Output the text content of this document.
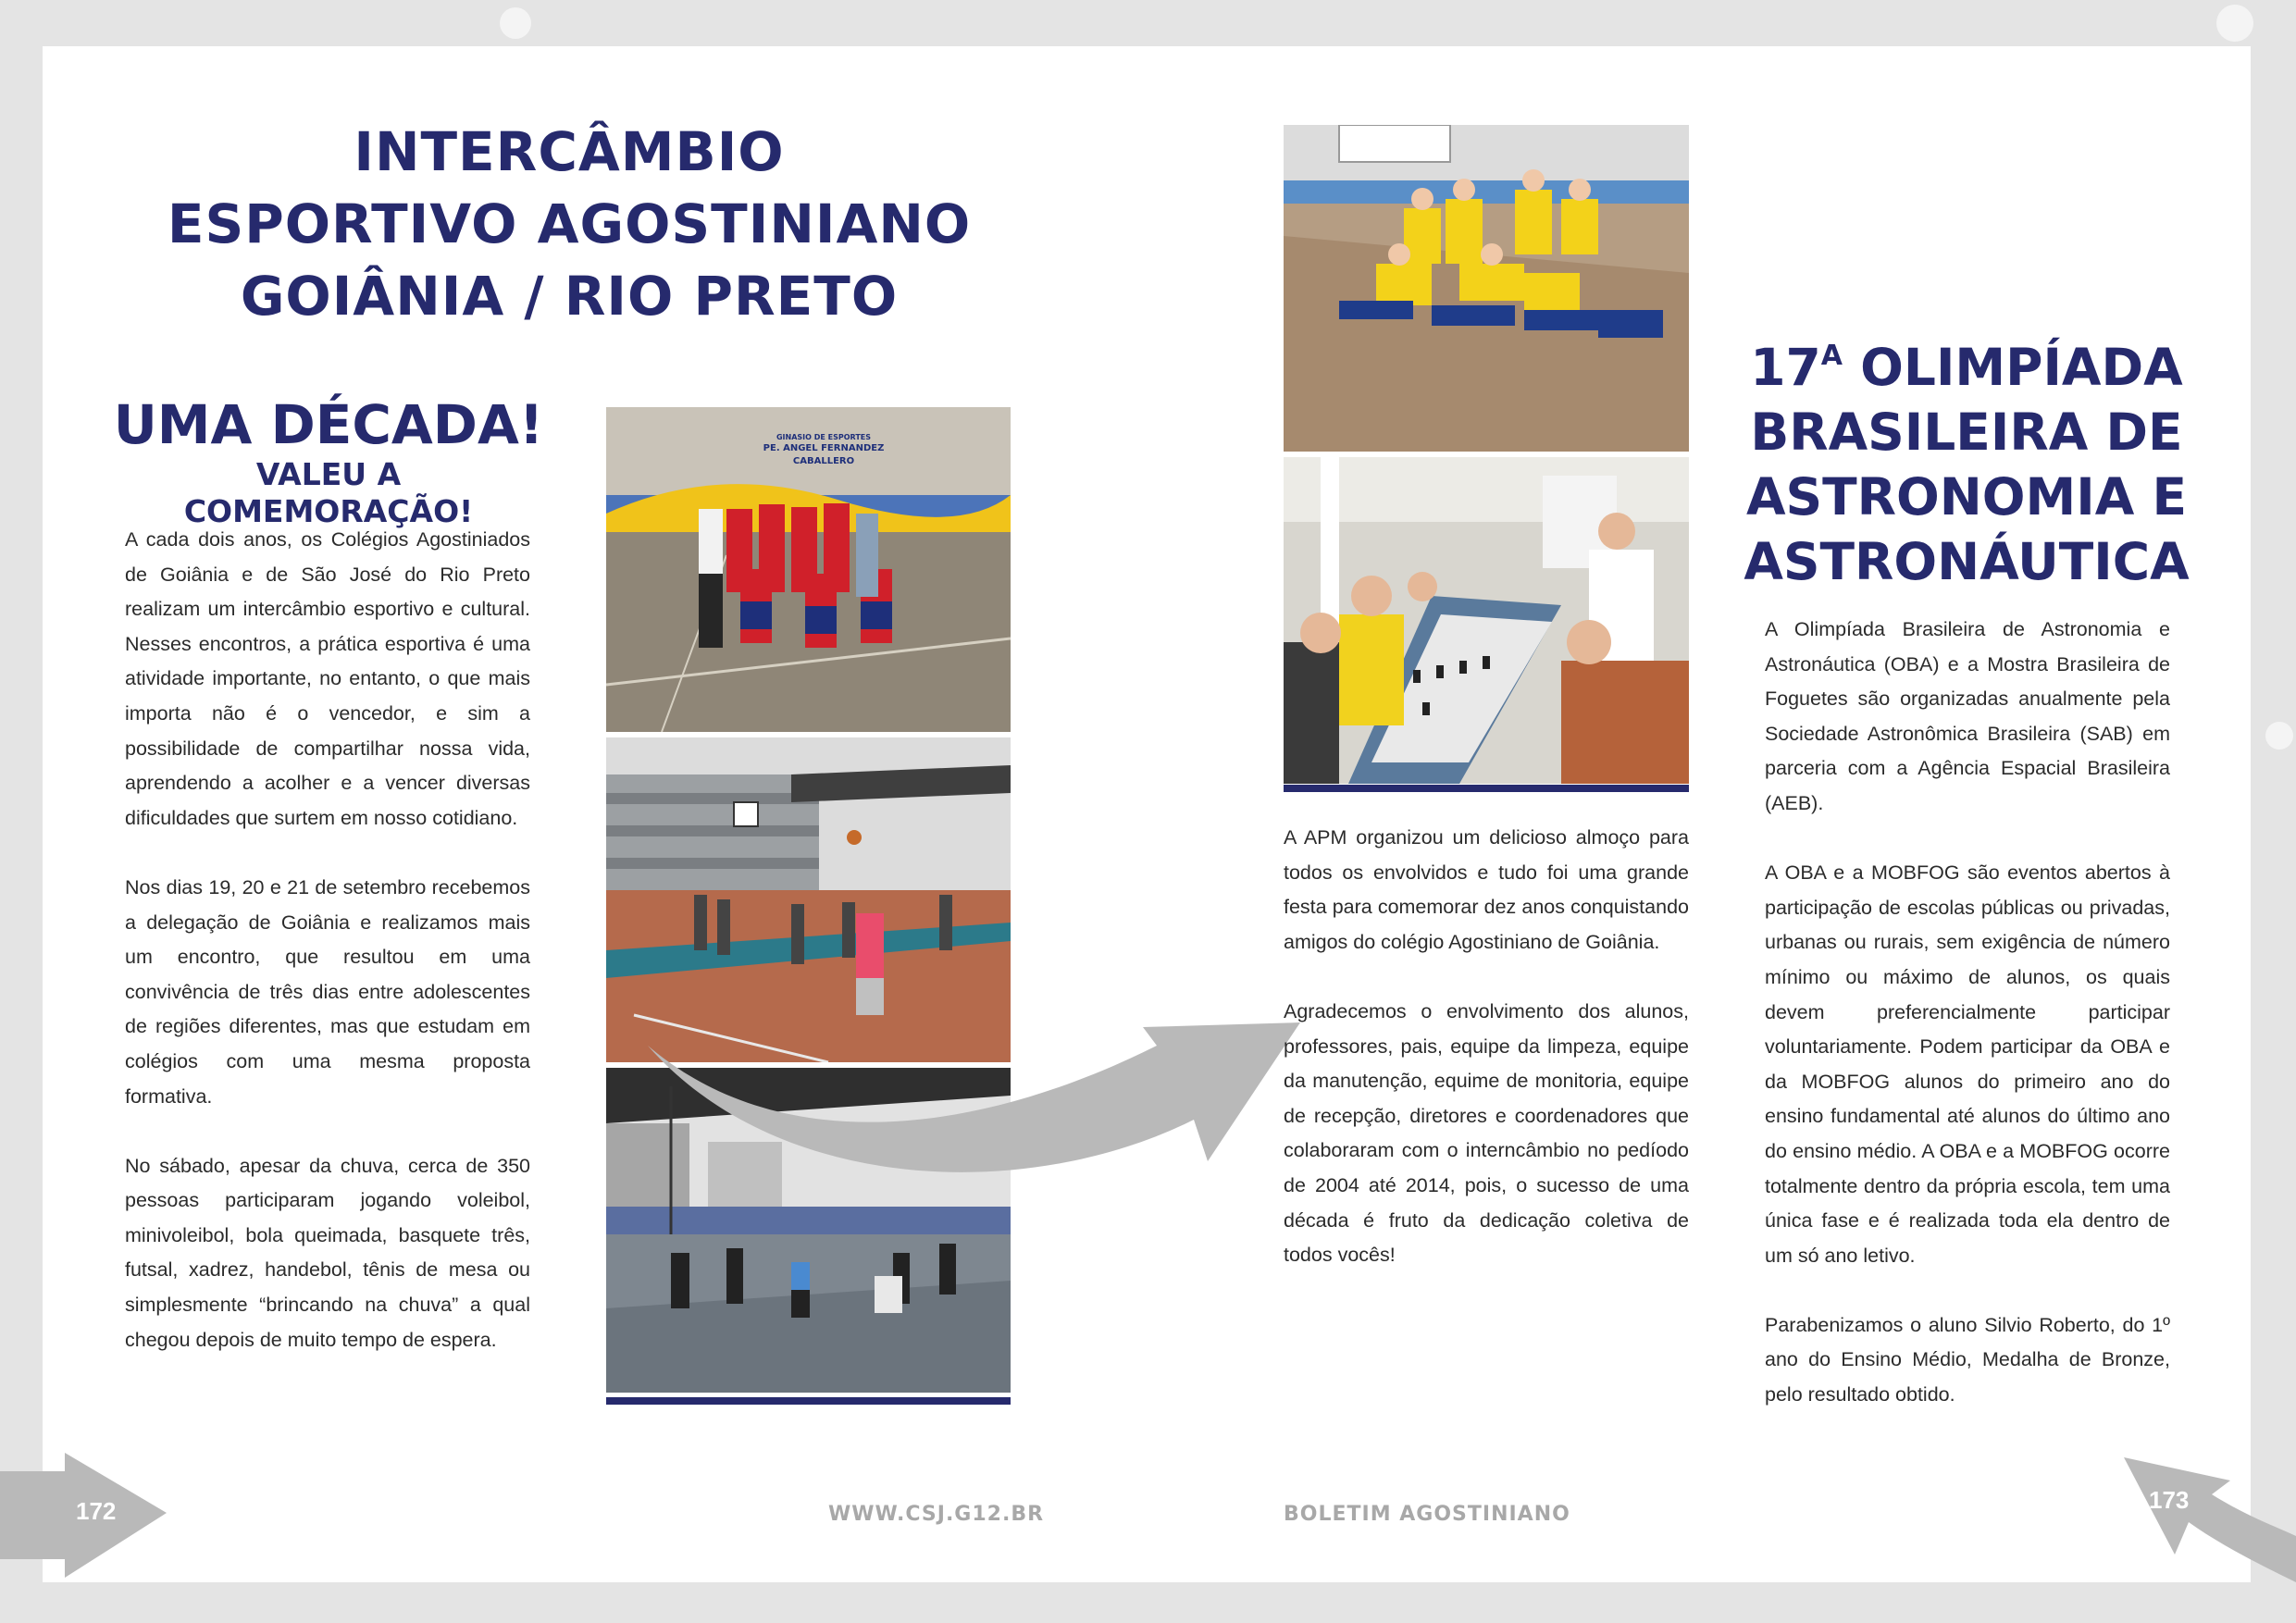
INTERCÂMBIO
ESPORTIVO AGOSTINIANO
GOIÂNIA / RIO PRETO
UMA DÉCADA!
VALEU A COMEMORAÇÃO!

A cada dois anos, os Colégios Agostiniados de Goiânia e de São José do Rio Preto realizam um intercâmbio esportivo e cultural. Nesses encontros, a prática esportiva é uma atividade importante, no entanto, o que mais importa não é o vencedor, e sim a possibilidade de compartilhar nossa vida, aprendendo a acolher e a vencer diversas dificuldades que surtem em nosso cotidiano.

Nos dias 19, 20 e 21 de setembro recebemos a delegação de Goiânia e realizamos mais um encontro, que resultou em uma convivência de três dias entre adolescentes de regiões diferentes, mas que estudam em colégios com uma mesma proposta formativa.

No sábado, apesar da chuva, cerca de 350 pessoas participaram jogando voleibol, minivoleibol, bola queimada, basquete três, futsal, xadrez, handebol, tênis de mesa ou simplesmente “brincando na chuva” a qual chegou depois de muito tempo de espera.

GINASIO DE ESPORTES
PE. ANGEL FERNANDEZ CABALLERO

A APM organizou um delicioso almoço para todos os envolvidos e tudo foi uma grande festa para comemorar dez anos conquistando amigos do colégio Agostiniano de Goiânia.

Agradecemos o envolvimento dos alunos, professores, pais, equipe da limpeza, equipe da manutenção, equime de monitoria, equipe de recepção, diretores e coordenadores que colaboraram com o interncâmbio no pedíodo de 2004 até 2014, pois, o sucesso de uma década é fruto da dedicação coletiva de todos vocês!

$17^A$ OLIMPÍADA
BRASILEIRA DE
ASTRONOMIA E
ASTRONÁUTICA

A Olimpíada Brasileira de Astronomia e Astronáutica (OBA) e a Mostra Brasileira de Foguetes são organizadas anualmente pela Sociedade Astronômica Brasileira (SAB) em parceria com a Agência Espacial Brasileira (AEB).

A OBA e a MOBFOG são eventos abertos à participação de escolas públicas ou privadas, urbanas ou rurais, sem exigência de número mínimo ou máximo de alunos, os quais devem preferencialmente participar voluntariamente. Podem participar da OBA e da MOBFOG alunos do primeiro ano do ensino fundamental até alunos do último ano do ensino médio. A OBA e a MOBFOG ocorre totalmente dentro da própria escola, tem uma única fase e é realizada toda ela dentro de um só ano letivo.

Parabenizamos o aluno Silvio Roberto, do 1º ano do Ensino Médio, Medalha de Bronze, pelo resultado obtido.

172	173
WWW.CSJ.G12.BR	BOLETIM AGOSTINIANO
